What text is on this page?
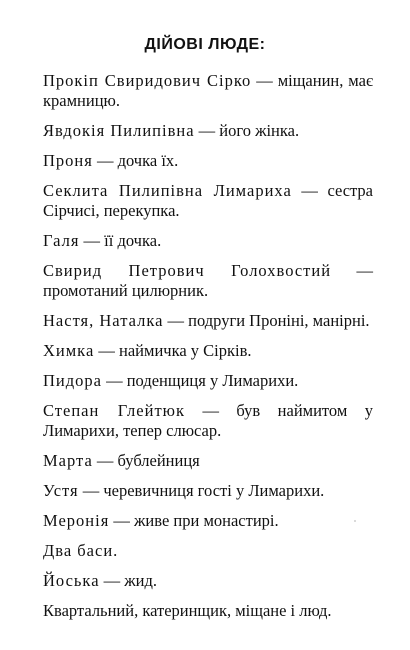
ДІЙОВІ ЛЮДЕ:

Прокіп Свиридович Сірко — міщанин, має крамницю.

Явдокія Пилипівна — його жінка.

Проня — дочка їх.

Секлита Пилипівна Лимариха — сестра Сірчисі, перекупка.

Галя — її дочка.

Свирид Петрович Голохвостий — промотаний цилюрник.

Настя, Наталка — подруги Проніні, манірні.

Химка — наймичка у Сірків.

Пидора — поденщиця у Лимарихи.

Степан Глейтюк — був наймитом у Лимарихи, тепер слюсар.

Марта — бублейниця

Устя — черевичниця гості у Лимарихи.

Меронія — живе при монастирі.

Два баси.

Йоська — жид.

Квартальний, катеринщик, міщане і люд.
